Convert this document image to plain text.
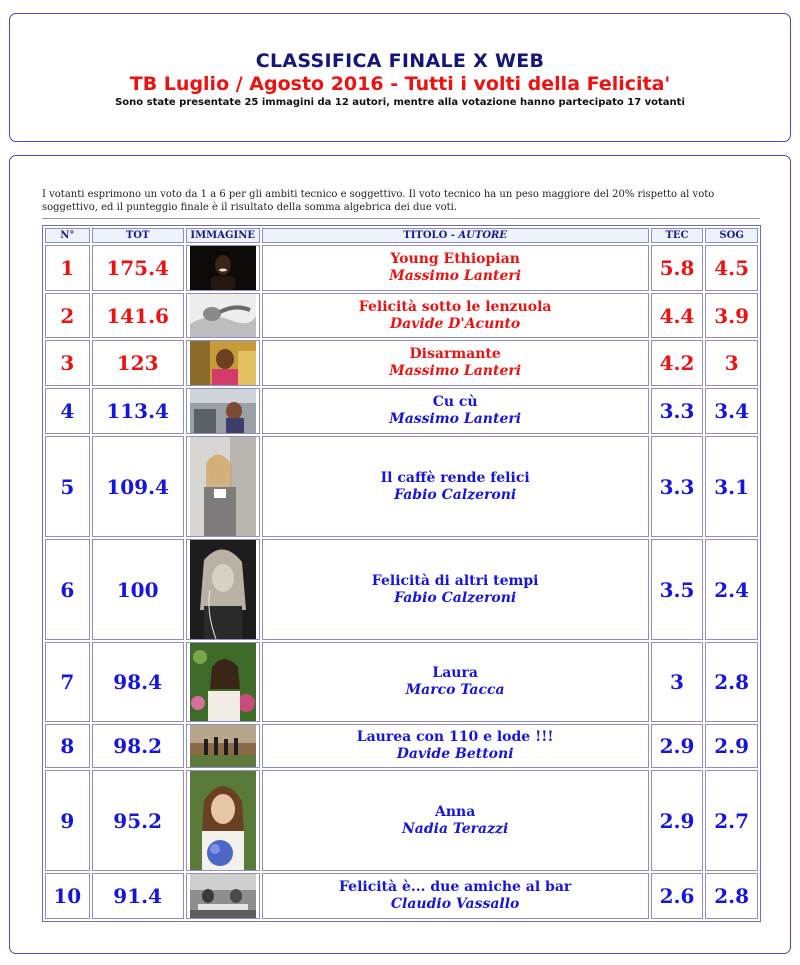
CLASSIFICA FINALE X WEB
TB Luglio / Agosto 2016 - Tutti i volti della Felicita'
Sono state presentate 25 immagini da 12 autori, mentre alla votazione hanno partecipato 17 votanti
I votanti esprimono un voto da 1 a 6 per gli ambiti tecnico e soggettivo. Il voto tecnico ha un peso maggiore del 20% rispetto al voto soggettivo, ed il punteggio finale è il risultato della somma algebrica dei due voti.
N°	TOT	IMMAGINE	TITOLO - AUTORE	TEC	SOG
1	175.4		Young Ethiopian
Massimo Lanteri	5.8	4.5
2	141.6		Felicità sotto le lenzuola
Davide D'Acunto	4.4	3.9
3	123		Disarmante
Massimo Lanteri	4.2	3
4	113.4		Cu cù
Massimo Lanteri	3.3	3.4
5	109.4		Il caffè rende felici
Fabio Calzeroni	3.3	3.1
6	100		Felicità di altri tempi
Fabio Calzeroni	3.5	2.4
7	98.4		Laura
Marco Tacca	3	2.8
8	98.2		Laurea con 110 e lode !!!
Davide Bettoni	2.9	2.9
9	95.2		Anna
Nadia Terazzi	2.9	2.7
10	91.4		Felicità è... due amiche al bar
Claudio Vassallo	2.6	2.8
